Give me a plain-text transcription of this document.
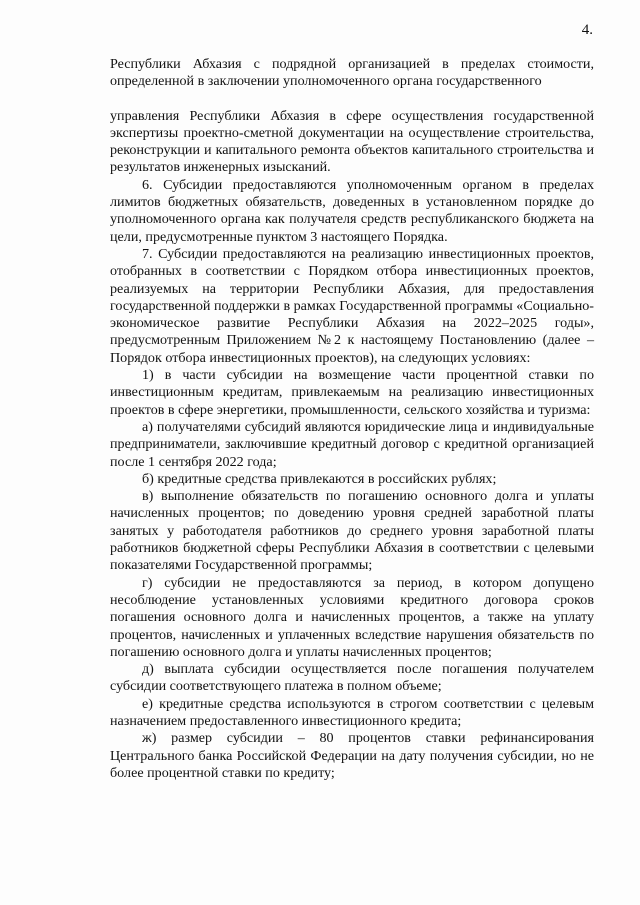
4.

Республики Абхазия с подрядной организацией в пределах стоимости, определенной в заключении уполномоченного органа государственного

управления Республики Абхазия в сфере осуществления государственной экспертизы проектно-сметной документации на осуществление строительства, реконструкции и капитального ремонта объектов капитального строительства и результатов инженерных изысканий.

6. Субсидии предоставляются уполномоченным органом в пределах лимитов бюджетных обязательств, доведенных в установленном порядке до уполномоченного органа как получателя средств республиканского бюджета на цели, предусмотренные пунктом 3 настоящего Порядка.

7. Субсидии предоставляются на реализацию инвестиционных проектов, отобранных в соответствии с Порядком отбора инвестиционных проектов, реализуемых на территории Республики Абхазия, для предоставления государственной поддержки в рамках Государственной программы «Социально-экономическое развитие Республики Абхазия на 2022–2025 годы», предусмотренным Приложением №2 к настоящему Постановлению (далее – Порядок отбора инвестиционных проектов), на следующих условиях:

1) в части субсидии на возмещение части процентной ставки по инвестиционным кредитам, привлекаемым на реализацию инвестиционных проектов в сфере энергетики, промышленности, сельского хозяйства и туризма:

а) получателями субсидий являются юридические лица и индивидуальные предприниматели, заключившие кредитный договор с кредитной организацией после 1 сентября 2022 года;

б) кредитные средства привлекаются в российских рублях;

в) выполнение обязательств по погашению основного долга и уплаты начисленных процентов; по доведению уровня средней заработной платы занятых у работодателя работников до среднего уровня заработной платы работников бюджетной сферы Республики Абхазия в соответствии с целевыми показателями Государственной программы;

г) субсидии не предоставляются за период, в котором допущено несоблюдение установленных условиями кредитного договора сроков погашения основного долга и начисленных процентов, а также на уплату процентов, начисленных и уплаченных вследствие нарушения обязательств по погашению основного долга и уплаты начисленных процентов;

д) выплата субсидии осуществляется после погашения получателем субсидии соответствующего платежа в полном объеме;

е) кредитные средства используются в строгом соответствии с целевым назначением предоставленного инвестиционного кредита;

ж) размер субсидии – 80 процентов ставки рефинансирования Центрального банка Российской Федерации на дату получения субсидии, но не более процентной ставки по кредиту;
